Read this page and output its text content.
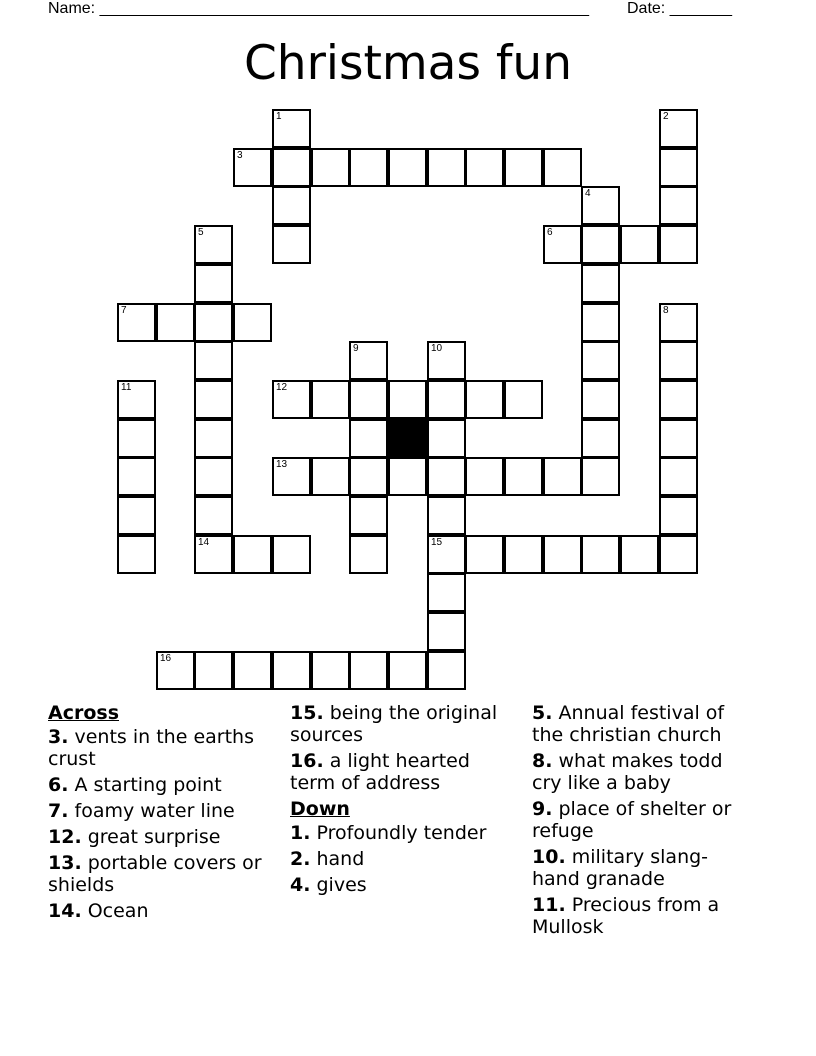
Name: _______________________________________________________ Date: _______
Christmas fun
1	2
3
4
5	6
7	8
9	10
11	12
13
14	15
16
Across
3. vents in the earths crust
6. A starting point
7. foamy water line
12. great surprise
13. portable covers or shields
14. Ocean
15. being the original sources
16. a light hearted term of address
Down
1. Profoundly tender
2. hand
4. gives
5. Annual festival of the christian church
8. what makes todd cry like a baby
9. place of shelter or refuge
10. military slang-hand granade
11. Precious from a Mullosk
